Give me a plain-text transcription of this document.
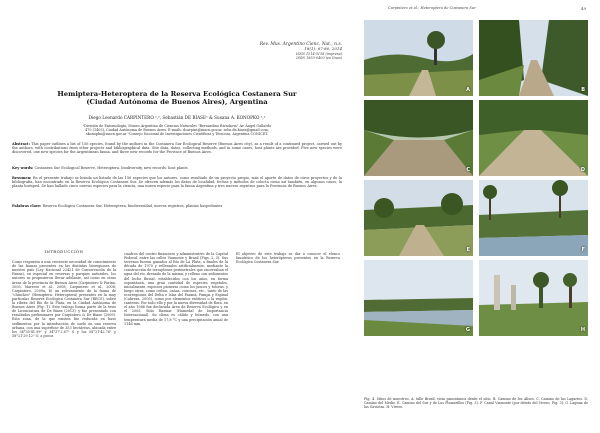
Carpintero et al.: Heteroptera de Costanera Sur	49
Rev. Mus. Argentino Cienc. Nat., n.s.
18(1): 67-80, 2014
ISSN 1514-5158 (impresa)
ISSN 1853-0400 (en línea)
Hemiptera-Heteroptera de la Reserva Ecológica Costanera Sur
(Ciudad Autónoma de Buenos Aires), Argentina
Diego Leonardo CARPINTERO ¹,², Sebastián DE BIASE¹ & Susana A. KONOPKO ¹,²
¹División de Entomología, Museo Argentino de Ciencias Naturales "Bernardino Rivadavia" Av. Ángel Gallardo
470 (1405), Ciudad Autónoma de Buenos Aires. E-mails: dcarpint@macn.gov.ar, sebs.de.biase@gmail.com,
skonopko@macn.gov.ar ²Consejo Nacional de Investigaciones Científicas y Técnicas, Argentina CONICET.
Abstract: This paper outlines a list of 156 species, found by the authors in the Costanera Sur Ecological Reserve (Buenos Aires city), as a result of a continued project, carried out by the authors, with contributions from other projects and bibliographical data. Site data, dates, collecting methods, and in some cases, host plants are provided. Five new species were discovered, one new species for the Argentinean fauna, and three new records for the Province of Buenos Aires.
Key words: Costanera Sur Ecological Reserve, Heteroptera, biodiversity, new records, host plants
Resumen: En el presente trabajo se brinda un listado de las 156 especies que los autores, como resultado de un proyecto propio, más el aporte de datos de otros proyectos y de la bibliografía, han encontrado en la Reserva Ecológica Costanera Sur. Se ofrecen además los datos de localidad, fechas y métodos de colecta como así también, en algunos casos, la planta huésped. Se han hallado cinco nuevas especies para la ciencia, una nueva especie para la fauna Argentina y tres nuevas registros para la Provincia de Buenos Aires.
Palabras clave: Reserva Ecológica Costanera Sur, Heteroptera, biodiversidad, nuevos registros, plantas hospedantes
INTRODUCCIÓN
Como respuesta a una creciente necesidad de conocimiento de las faunas presentes en las distintas bioregiones de nuestro país (Ley Nacional 22421 de Conservación de la Fauna), en especial en reservas y parques naturales, los autores se propusieron llevar adelante, así como en otras áreas de la provincia de Buenos Aires (Carpintero & Farina, 2005, Marrero et al., 2008; Carpintero et al., 2008; Carpintero, 2009a, b) un relevamiento de la fauna de "chinches" (Hemiptera: Heteroptera) presentes en la muy particular Reserva Ecológica Costanera Sur (RECS), sobre la ribera del Río de la Plata, en la Ciudad Autónoma de Buenos Aires (Fig. 1). Este trabajo forma parte de la tesis de Licenciatura de De Biase (2013), y fue presentado con resultados preliminares por Carpintero & De Biase (2009). Esta zona, de la que existen fue reducida en base sedimentos por la introducción de suelo en una reserva urbana, con una superficie de 353 hectáreas, ubicada entre los 34°35'41.99" y 34°37'2.67" S y los 58°21'42.76" y 58°21'29.12" O, a pocos
cuadros del centro financiero y administrativo de la Capital Federal, entre las calles Viamonte y Brasil (Figs. 2, 3). Sus terrenos fueron ganados al Río de La Plata, a finales de la década de 1970 y rellenados artificialmente, mediante la construcción de terraplenes perimetrales que encerraban el agua del río, drenado de la misma, y relleno con sedimentos del lecho fluvial, establecidos con los años, en forma espontánea, una gran cantidad de especies vegetales, inicialmente, especies pioneras como los juncos y totoras, y luego otras, como ceibos, cañas, coirones, etc., tanto de las ecorregiones del Delta e Islas del Paraná, Pampa y Espinal (Cabrera, 2005), como por elementos exóticos o la región: canteras. Por todo ello y por la nueva diversidad de flora, en el año 1986 fue declarada Área de Reserva Ecológica y en el 2005, Sitio Ramsar (Humedal de Importancia Internacional). Su clima es cálido y húmedo, con una temperatura media de 17,8 °C y una precipitación anual de 1146 mm.
El objetivo de este trabajo es dar a conocer el elenco faunístico de los heterópteros presentes en la Reserva Ecológica Costanera Sur.
A	B
C	D
E	F
G	H
Fig. 4. Sitios de muestreo. A. talle Brasil, vista panorámica desde el sitio. B. Camino de los Alisos. C. Camino de las Lagartos. D. Camino del Medio. E. Camino del Sur y de Los Plumerillos (Fig. 3). F. Canal Viamonte (por detrás del Vivero, Fig. 3). G. Laguna de las Gaviotas. H. Vivero.
